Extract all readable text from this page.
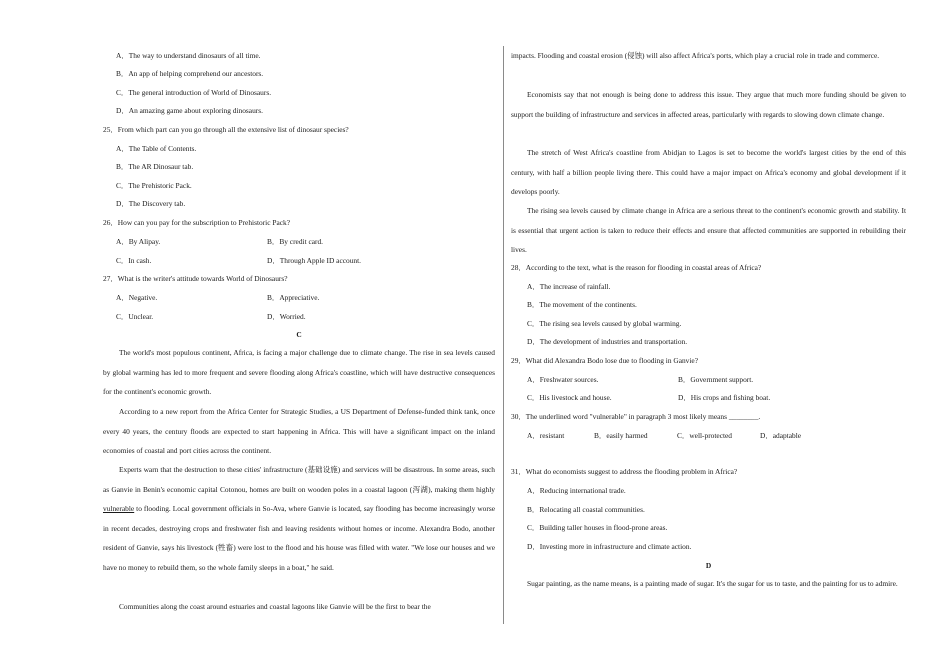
A．The way to understand dinosaurs of all time.
B．An app of helping comprehend our ancestors.
C．The general introduction of World of Dinosaurs.
D．An amazing game about exploring dinosaurs.
25．From which part can you go through all the extensive list of dinosaur species?
A．The Table of Contents.
B．The AR Dinosaur tab.
C．The Prehistoric Pack.
D．The Discovery tab.
26．How can you pay for the subscription to Prehistoric Pack?
A．By Alipay.	B．By credit card.
C．In cash.	D．Through Apple ID account.
27．What is the writer's attitude towards World of Dinosaurs?
A．Negative.	B．Appreciative.
C．Unclear.	D．Worried.
C

The world's most populous continent, Africa, is facing a major challenge due to climate change. The rise in sea levels caused by global warming has led to more frequent and severe flooding along Africa's coastline, which will have destructive consequences for the continent's economic growth.

According to a new report from the Africa Center for Strategic Studies, a US Department of Defense-funded think tank, once every 40 years, the century floods are expected to start happening in Africa. This will have a significant impact on the inland economies of coastal and port cities across the continent.

Experts warn that the destruction to these cities' infrastructure (基础设施) and services will be disastrous. In some areas, such as Ganvie in Benin's economic capital Cotonou, homes are built on wooden poles in a coastal lagoon (泻湖), making them highly vulnerable to flooding. Local government officials in So-Ava, where Ganvie is located, say flooding has become increasingly worse in recent decades, destroying crops and freshwater fish and leaving residents without homes or income. Alexandra Bodo, another resident of Ganvie, says his livestock (牲畜) were lost to the flood and his house was filled with water. "We lose our houses and we have no money to rebuild them, so the whole family sleeps in a boat," he said.

Communities along the coast around estuaries and coastal lagoons like Ganvie will be the first to bear the

impacts. Flooding and coastal erosion (侵蚀) will also affect Africa's ports, which play a crucial role in trade and commerce.

Economists say that not enough is being done to address this issue. They argue that much more funding should be given to support the building of infrastructure and services in affected areas, particularly with regards to slowing down climate change.

The stretch of West Africa's coastline from Abidjan to Lagos is set to become the world's largest cities by the end of this century, with half a billion people living there. This could have a major impact on Africa's economy and global development if it develops poorly.

The rising sea levels caused by climate change in Africa are a serious threat to the continent's economic growth and stability. It is essential that urgent action is taken to reduce their effects and ensure that affected communities are supported in rebuilding their lives.

28．According to the text, what is the reason for flooding in coastal areas of Africa?
A．The increase of rainfall.
B．The movement of the continents.
C．The rising sea levels caused by global warming.
D．The development of industries and transportation.
29．What did Alexandra Bodo lose due to flooding in Ganvie?
A．Freshwater sources.	B．Government support.
C．His livestock and house.	D．His crops and fishing boat.
30．The underlined word "vulnerable" in paragraph 3 most likely means ________.
A．resistant	B．easily harmed	C．well-protected	D．adaptable
31．What do economists suggest to address the flooding problem in Africa?
A．Reducing international trade.
B．Relocating all coastal communities.
C．Building taller houses in flood-prone areas.
D．Investing more in infrastructure and climate action.
D

Sugar painting, as the name means, is a painting made of sugar. It's the sugar for us to taste, and the painting for us to admire.
